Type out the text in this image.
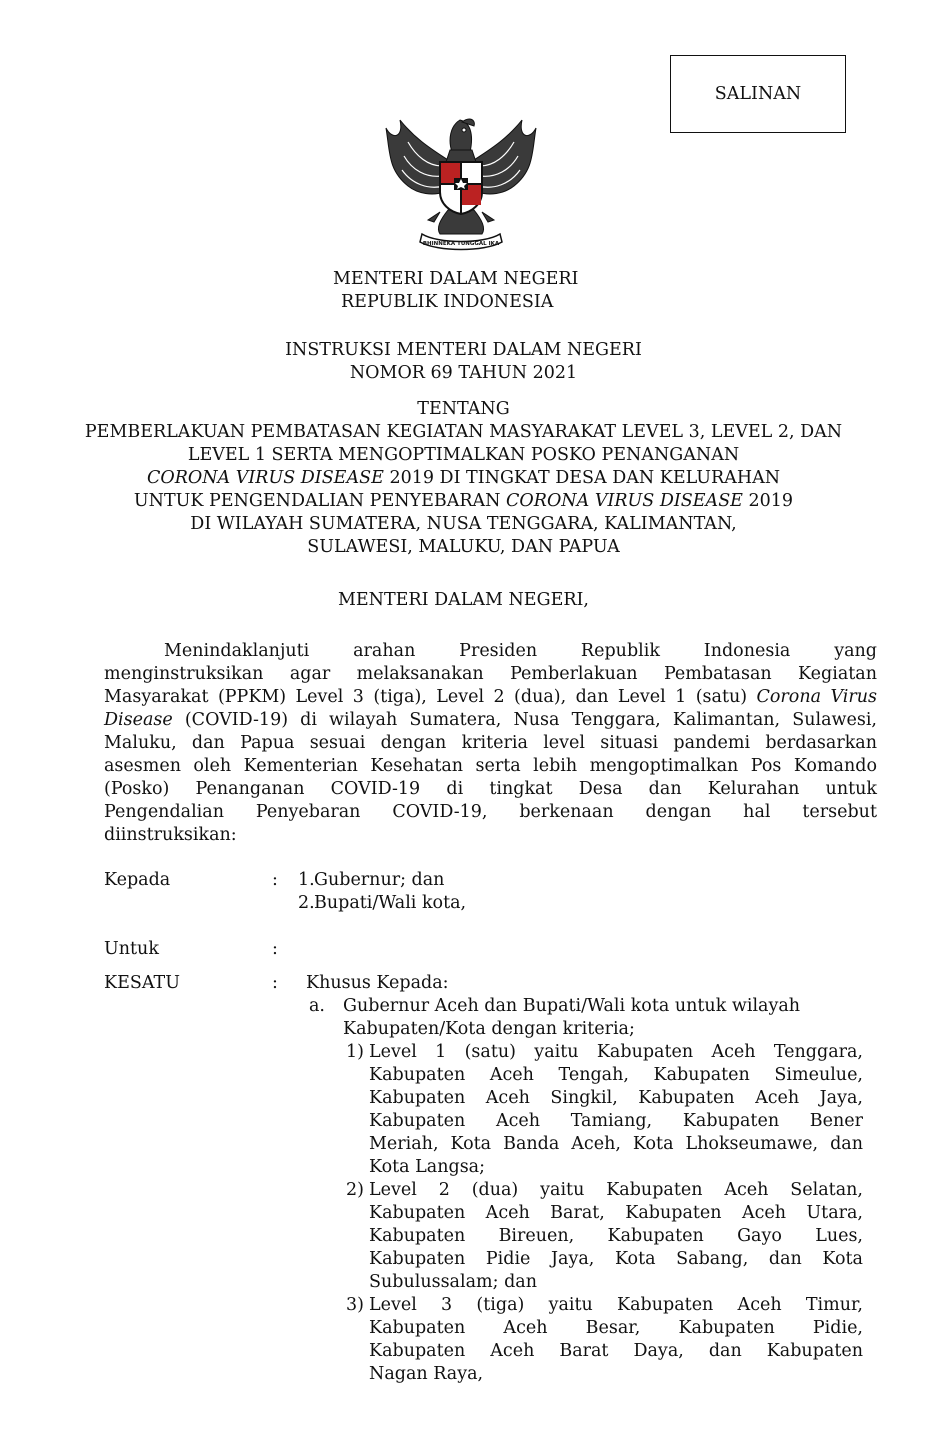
SALINAN
BHINNEKA TUNGGAL IKA
MENTERI DALAM NEGERI
REPUBLIK INDONESIA
INSTRUKSI MENTERI DALAM NEGERI
NOMOR 69 TAHUN 2021
TENTANG
PEMBERLAKUAN PEMBATASAN KEGIATAN MASYARAKAT LEVEL 3, LEVEL 2, DAN
LEVEL 1 SERTA MENGOPTIMALKAN POSKO PENANGANAN
CORONA VIRUS DISEASE 2019 DI TINGKAT DESA DAN KELURAHAN
UNTUK PENGENDALIAN PENYEBARAN CORONA VIRUS DISEASE 2019
DI WILAYAH SUMATERA, NUSA TENGGARA, KALIMANTAN,
SULAWESI, MALUKU, DAN PAPUA
MENTERI DALAM NEGERI,
Menindaklanjuti arahan Presiden Republik Indonesia yang
menginstruksikan agar melaksanakan Pemberlakuan Pembatasan Kegiatan
Masyarakat (PPKM) Level 3 (tiga), Level 2 (dua), dan Level 1 (satu) Corona Virus
Disease (COVID-19) di wilayah Sumatera, Nusa Tenggara, Kalimantan, Sulawesi,
Maluku, dan Papua sesuai dengan kriteria level situasi pandemi berdasarkan
asesmen oleh Kementerian Kesehatan serta lebih mengoptimalkan Pos Komando
(Posko) Penanganan COVID-19 di tingkat Desa dan Kelurahan untuk
Pengendalian Penyebaran COVID-19, berkenaan dengan hal tersebut
diinstruksikan:
Kepada	: 1. Gubernur; dan
2. Bupati/Wali kota,
Untuk	:
KESATU	: Khusus Kepada:
a. Gubernur Aceh dan Bupati/Wali kota untuk wilayah
Kabupaten/Kota dengan kriteria;
1) Level 1 (satu) yaitu Kabupaten Aceh Tenggara,
Kabupaten Aceh Tengah, Kabupaten Simeulue,
Kabupaten Aceh Singkil, Kabupaten Aceh Jaya,
Kabupaten Aceh Tamiang, Kabupaten Bener
Meriah, Kota Banda Aceh, Kota Lhokseumawe, dan
Kota Langsa;
2) Level 2 (dua) yaitu Kabupaten Aceh Selatan,
Kabupaten Aceh Barat, Kabupaten Aceh Utara,
Kabupaten Bireuen, Kabupaten Gayo Lues,
Kabupaten Pidie Jaya, Kota Sabang, dan Kota
Subulussalam; dan
3) Level 3 (tiga) yaitu Kabupaten Aceh Timur,
Kabupaten Aceh Besar, Kabupaten Pidie,
Kabupaten Aceh Barat Daya, dan Kabupaten
Nagan Raya,
